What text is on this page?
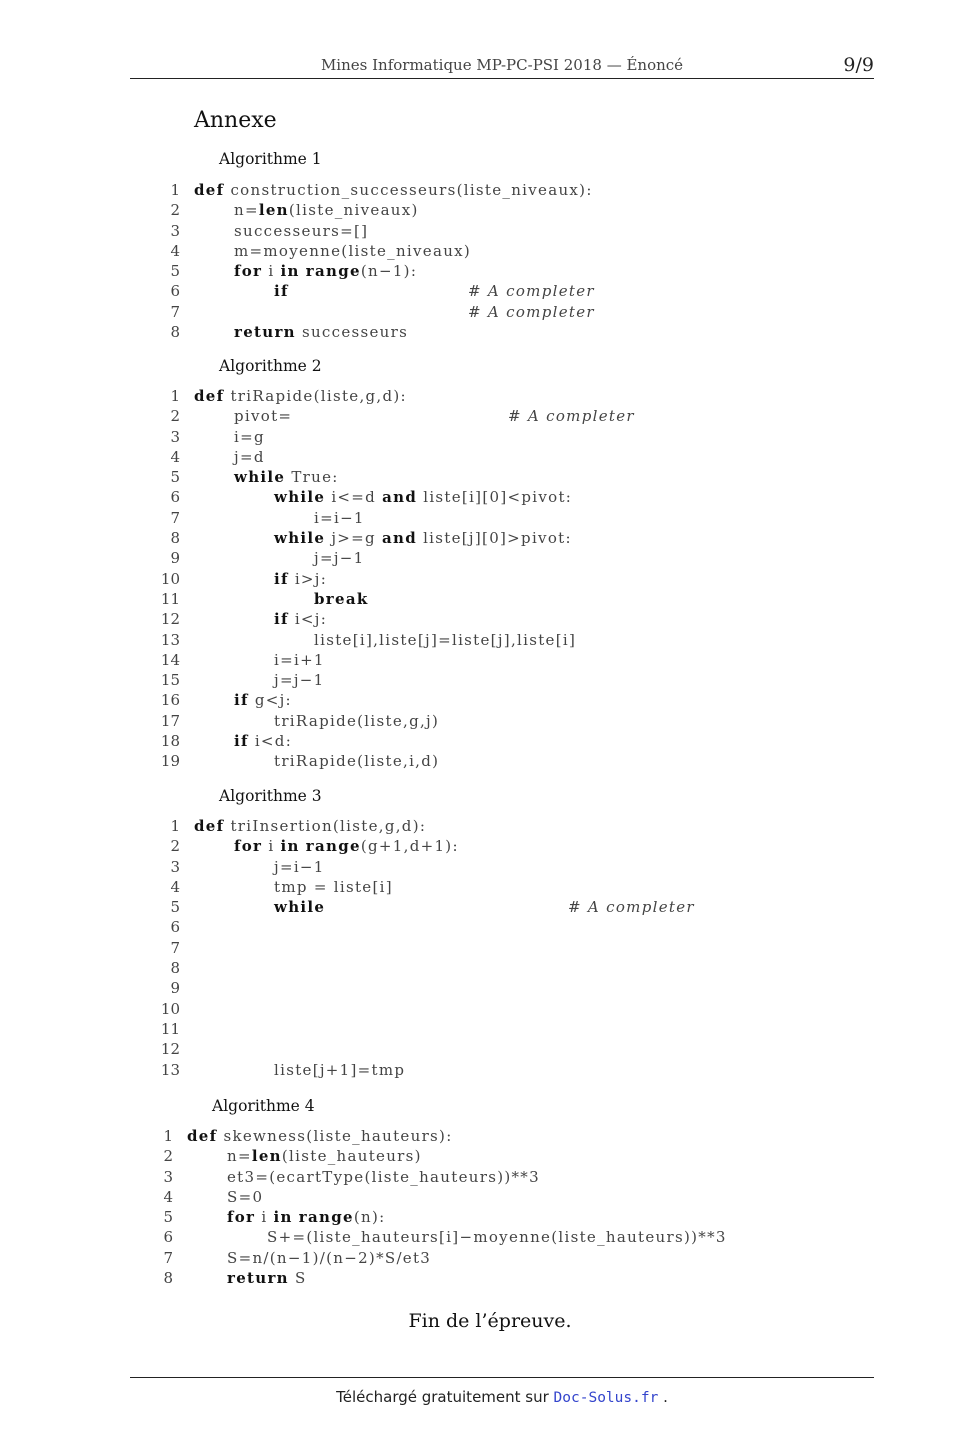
Mines Informatique MP-PC-PSI 2018 — Énoncé	9/9
Annexe
Algorithme 1
1 def construction_successeurs(liste_niveaux):
2	n=len(liste_niveaux)
3	successeurs=[]
4	m=moyenne(liste_niveaux)
5	for i in range(n−1):
6	if	# A completer
7	# A completer
8	return successeurs
Algorithme 2
1 def triRapide(liste,g,d):
2	pivot=	# A completer
3	i=g
4	j=d
5	while True:
6	while i<=d and liste[i][0]<pivot:
7	i=i−1
8	while j>=g and liste[j][0]>pivot:
9	j=j−1
10	if i>j:
11	break
12	if i<j:
13	liste[i],liste[j]=liste[j],liste[i]
14	i=i+1
15	j=j−1
16	if g<j:
17	triRapide(liste,g,j)
18	if i<d:
19	triRapide(liste,i,d)
Algorithme 3
1 def triInsertion(liste,g,d):
2	for i in range(g+1,d+1):
3	j=i−1
4	tmp = liste[i]
5	while	# A completer
6
7
8
9
10
11
12
13	liste[j+1]=tmp
Algorithme 4
1 def skewness(liste_hauteurs):
2	n=len(liste_hauteurs)
3	et3=(ecartType(liste_hauteurs))**3
4	S=0
5	for i in range(n):
6	S+=(liste_hauteurs[i]−moyenne(liste_hauteurs))**3
7	S=n/(n−1)/(n−2)*S/et3
8	return S
Fin de l’épreuve.
Téléchargé gratuitement sur Doc-Solus.fr .
